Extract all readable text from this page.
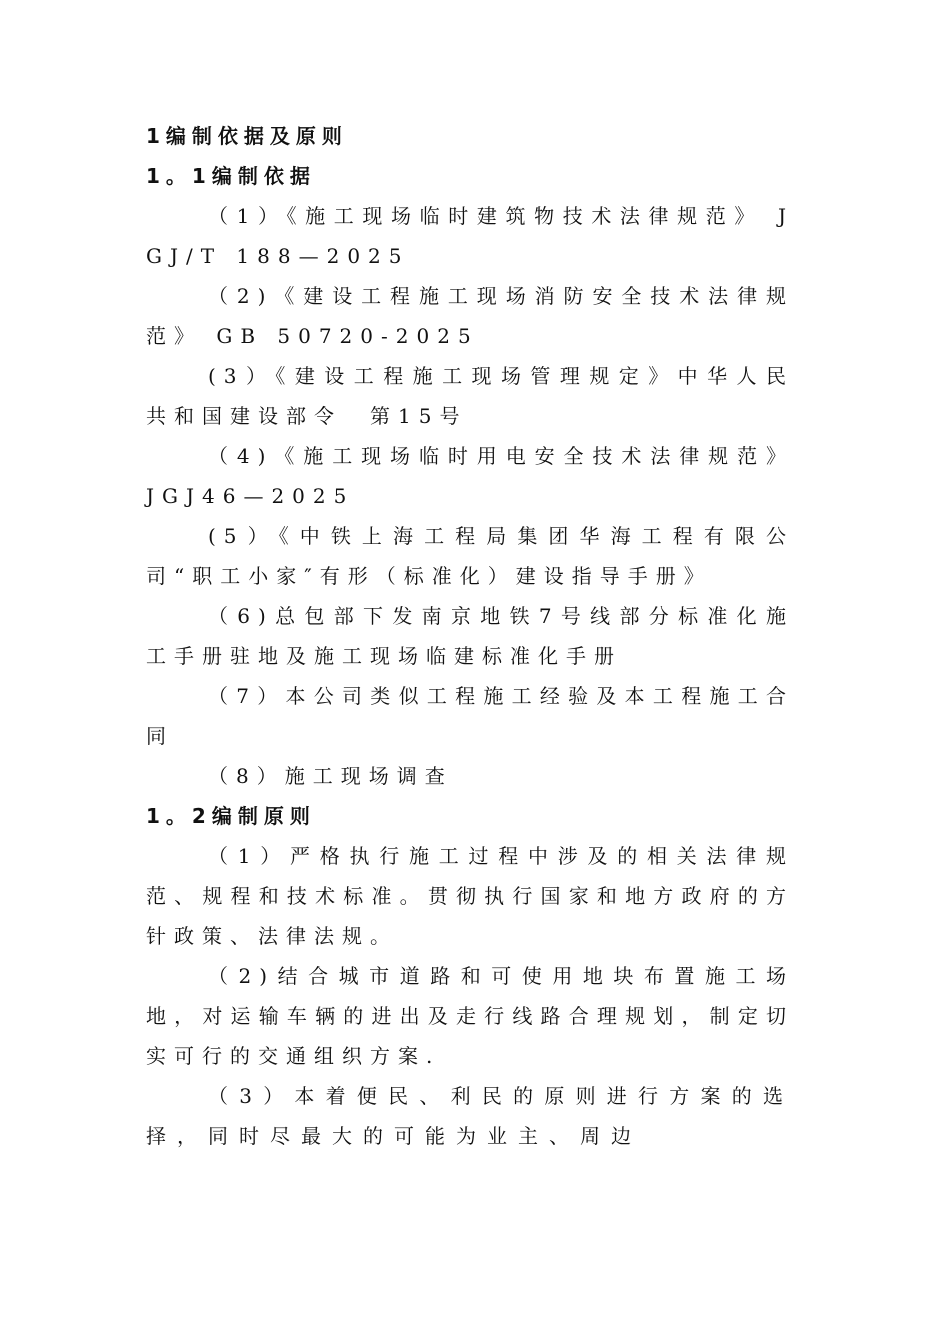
1编制依据及原则
1。1编制依据
（1）《施工现场临时建筑物技术法律规范》 JGJ/T 188—2025
（2)《建设工程施工现场消防安全技术法律规范》 GB 50720-2025
(3）《建设工程施工现场管理规定》中华人民共和国建设部令　第15号
（4)《施工现场临时用电安全技术法律规范》 JGJ46—2025
(5）《中铁上海工程局集团华海工程有限公司“职工小家″有形（标准化）建设指导手册》
（6)总包部下发南京地铁7号线部分标准化施工手册驻地及施工现场临建标准化手册
（7）本公司类似工程施工经验及本工程施工合同
（8）施工现场调查
1。2编制原则
（1）严格执行施工过程中涉及的相关法律规范、规程和技术标准。贯彻执行国家和地方政府的方针政策、法律法规。
（2)结合城市道路和可使用地块布置施工场地，对运输车辆的进出及走行线路合理规划，制定切实可行的交通组织方案.
（3）本着便民、利民的原则进行方案的选择，同时尽最大的可能为业主、周边
